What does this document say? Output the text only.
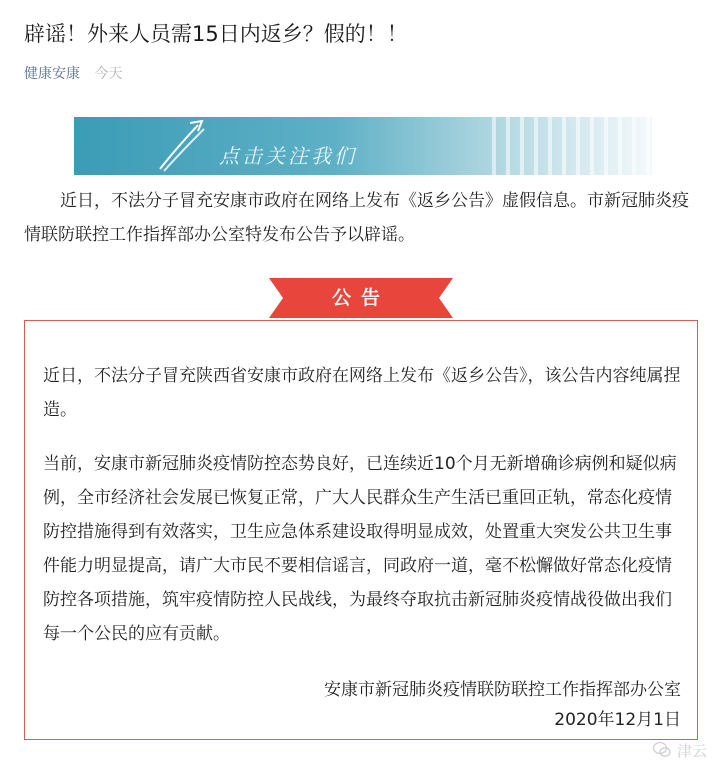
辟谣！外来人员需15日内返乡？假的！！
健康安康 今天
点击关注我们
近日，不法分子冒充安康市政府在网络上发布《返乡公告》虚假信息。市新冠肺炎疫情联防联控工作指挥部办公室特发布公告予以辟谣。
公告

近日，不法分子冒充陕西省安康市政府在网络上发布《返乡公告》，该公告内容纯属捏造。

当前，安康市新冠肺炎疫情防控态势良好，已连续近10个月无新增确诊病例和疑似病例，全市经济社会发展已恢复正常，广大人民群众生产生活已重回正轨，常态化疫情防控措施得到有效落实，卫生应急体系建设取得明显成效，处置重大突发公共卫生事件能力明显提高，请广大市民不要相信谣言，同政府一道，毫不松懈做好常态化疫情防控各项措施，筑牢疫情防控人民战线，为最终夺取抗击新冠肺炎疫情战役做出我们每一个公民的应有贡献。

安康市新冠肺炎疫情联防联控工作指挥部办公室
2020年12月1日
津云
